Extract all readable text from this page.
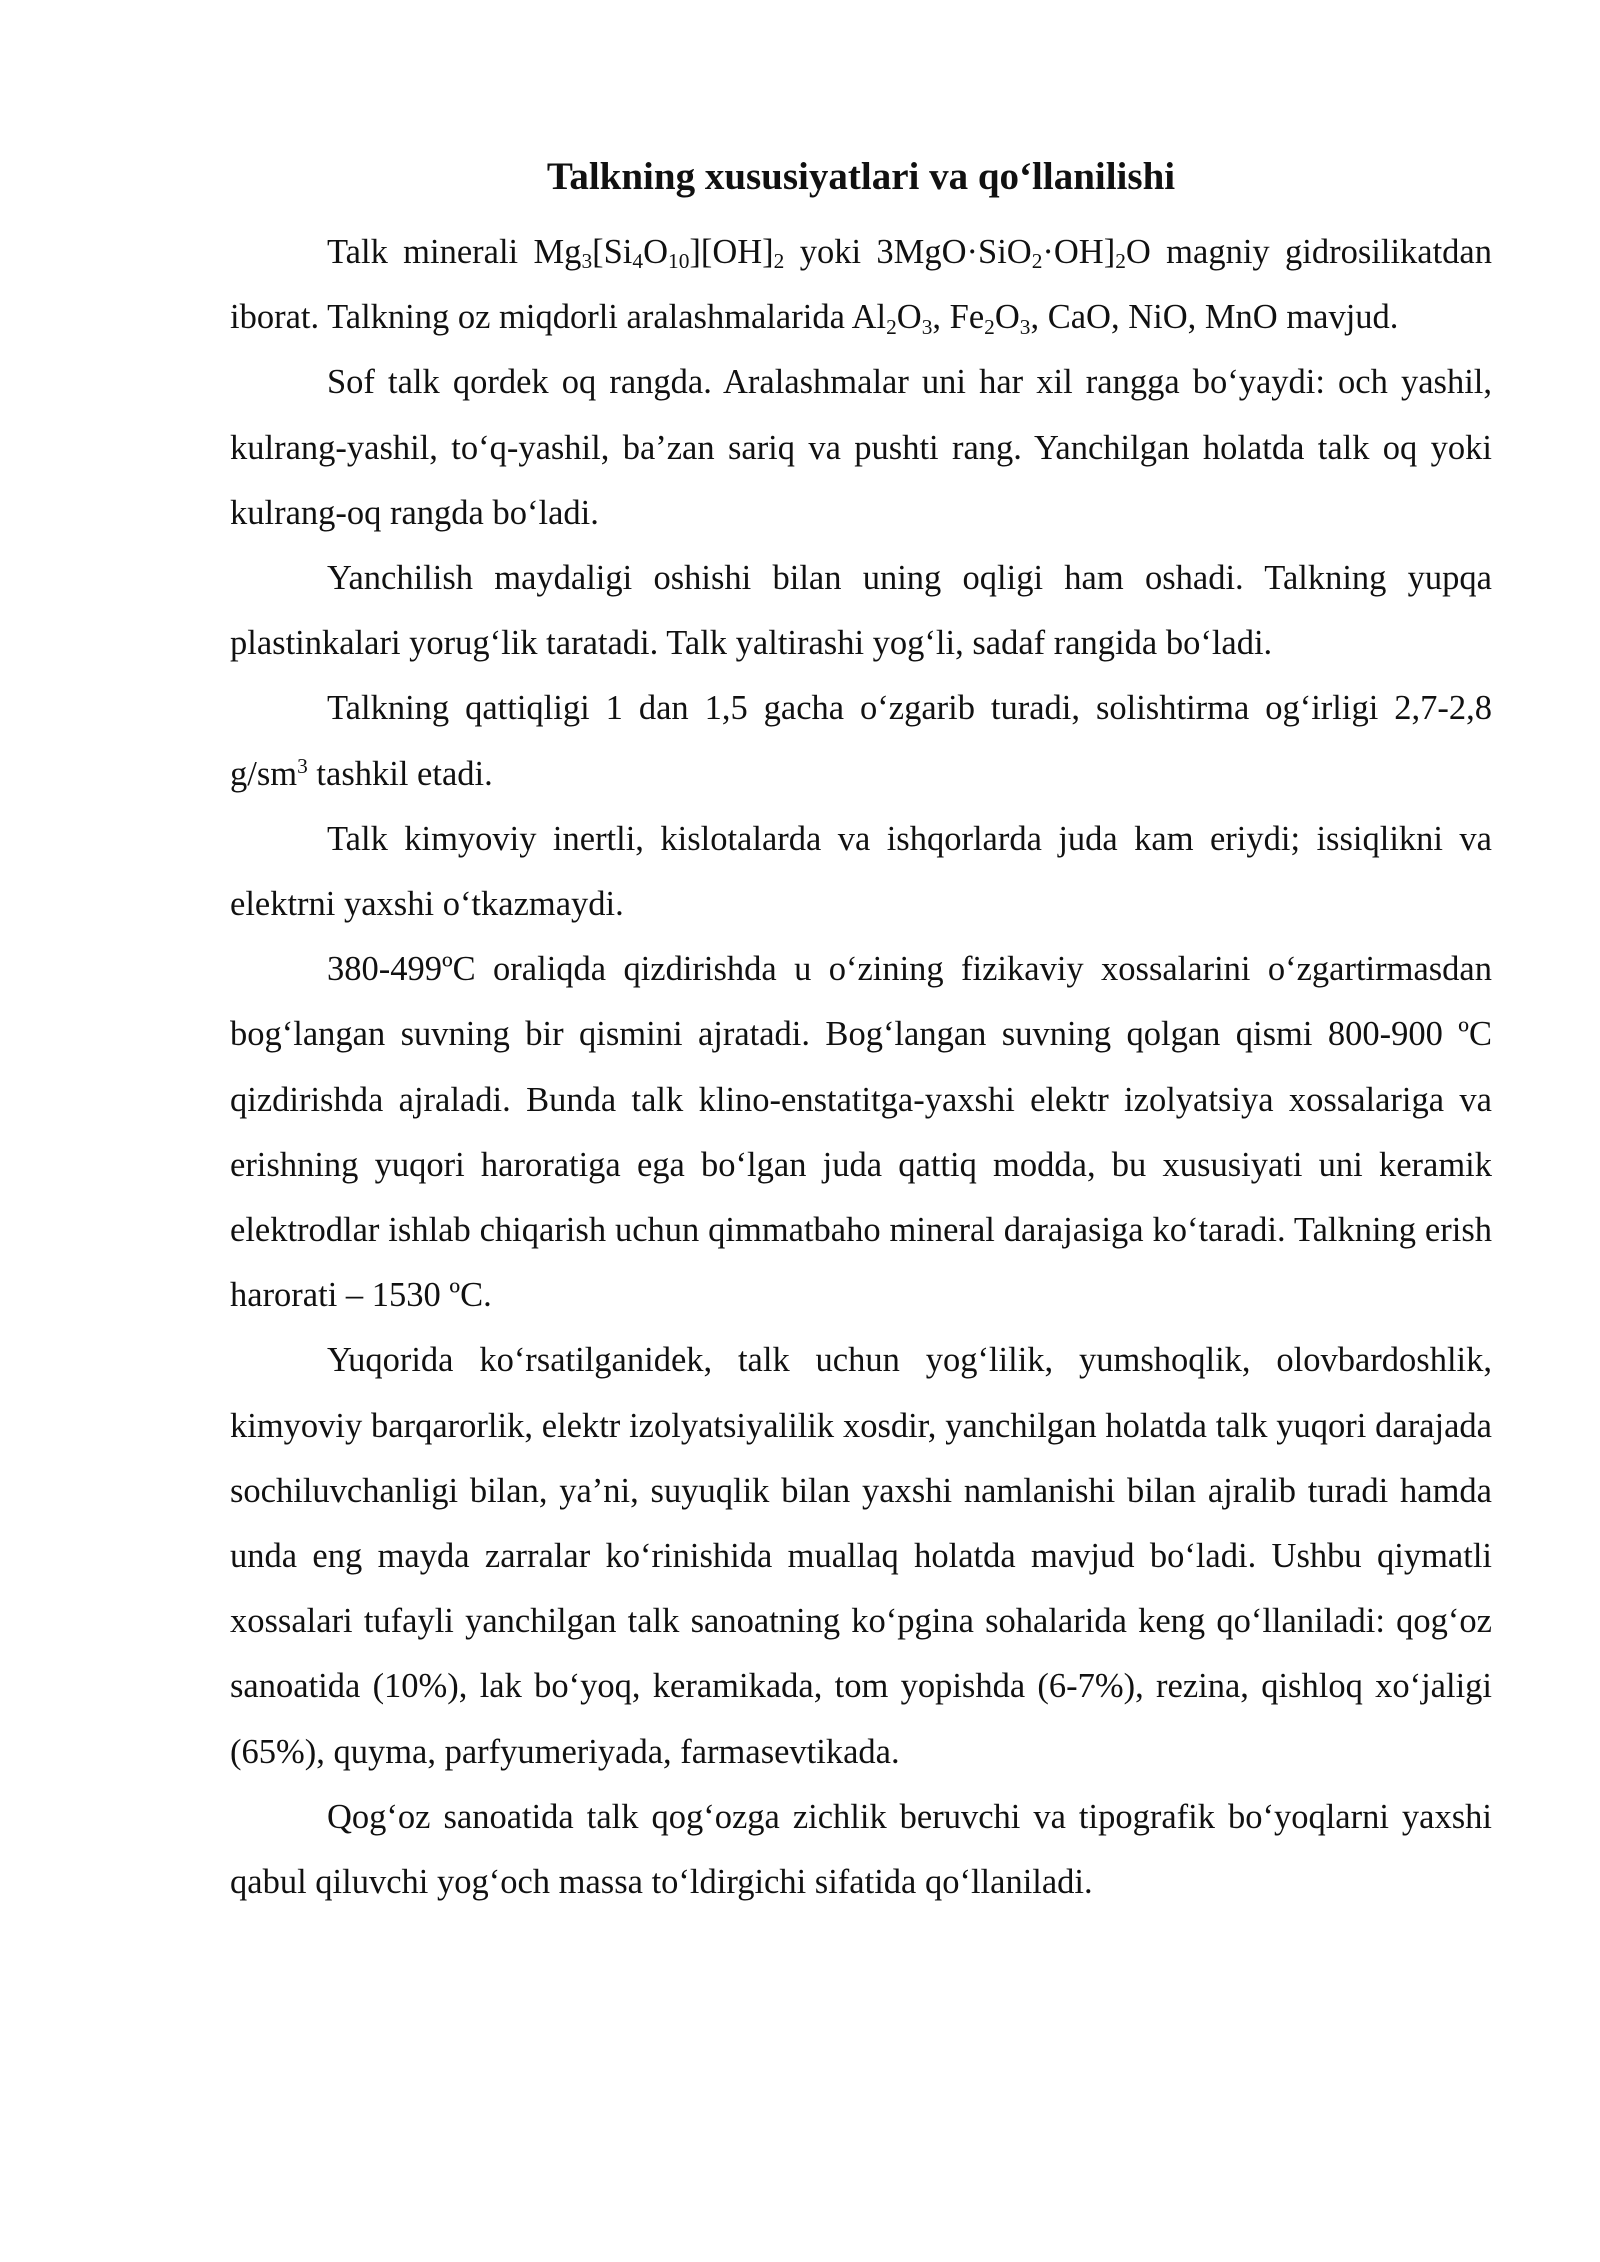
Talkning xususiyatlari va qo‘llanilishi

Talk minerali $Mg_3[Si_4O_{10}][OH]_2$ yoki $3MgO\cdot SiO_2\cdot OH]_2O$ magniy gidrosilikatdan iborat. Talkning oz miqdorli aralashmalarida $Al_2O_3$, $Fe_2O_3$, CaO, NiO, MnO mavjud.

Sof talk qordek oq rangda. Aralashmalar uni har xil rangga bo‘yaydi: och yashil, kulrang-yashil, to‘q-yashil, ba’zan sariq va pushti rang. Yanchilgan holatda talk oq yoki kulrang-oq rangda bo‘ladi.

Yanchilish maydaligi oshishi bilan uning oqligi ham oshadi. Talkning yupqa plastinkalari yorug‘lik taratadi. Talk yaltirashi yog‘li, sadaf rangida bo‘ladi.

Talkning qattiqligi 1 dan 1,5 gacha o‘zgarib turadi, solishtirma og‘irligi 2,7-2,8 $g/sm^3$ tashkil etadi.

Talk kimyoviy inertli, kislotalarda va ishqorlarda juda kam eriydi; issiqlikni va elektrni yaxshi o‘tkazmaydi.

380-499ºC oraliqda qizdirishda u o‘zining fizikaviy xossalarini o‘zgartirmasdan bog‘langan suvning bir qismini ajratadi. Bog‘langan suvning qolgan qismi 800-900 ºC qizdirishda ajraladi. Bunda talk klino-enstatitga-yaxshi elektr izolyatsiya xossalariga va erishning yuqori haroratiga ega bo‘lgan juda qattiq modda, bu xususiyati uni keramik elektrodlar ishlab chiqarish uchun qimmatbaho mineral darajasiga ko‘taradi. Talkning erish harorati – 1530 ºC.

Yuqorida ko‘rsatilganidek, talk uchun yog‘lilik, yumshoqlik, olovbardoshlik, kimyoviy barqarorlik, elektr izolyatsiyalilik xosdir, yanchilgan holatda talk yuqori darajada sochiluvchanligi bilan, ya’ni, suyuqlik bilan yaxshi namlanishi bilan ajralib turadi hamda unda eng mayda zarralar ko‘rinishida muallaq holatda mavjud bo‘ladi. Ushbu qiymatli xossalari tufayli yanchilgan talk sanoatning ko‘pgina sohalarida keng qo‘llaniladi: qog‘oz sanoatida (10%), lak bo‘yoq, keramikada, tom yopishda (6-7%), rezina, qishloq xo‘jaligi (65%), quyma, parfyumeriyada, farmasevtikada.

Qog‘oz sanoatida talk qog‘ozga zichlik beruvchi va tipografik bo‘yoqlarni yaxshi qabul qiluvchi yog‘och massa to‘ldirgichi sifatida qo‘llaniladi.
